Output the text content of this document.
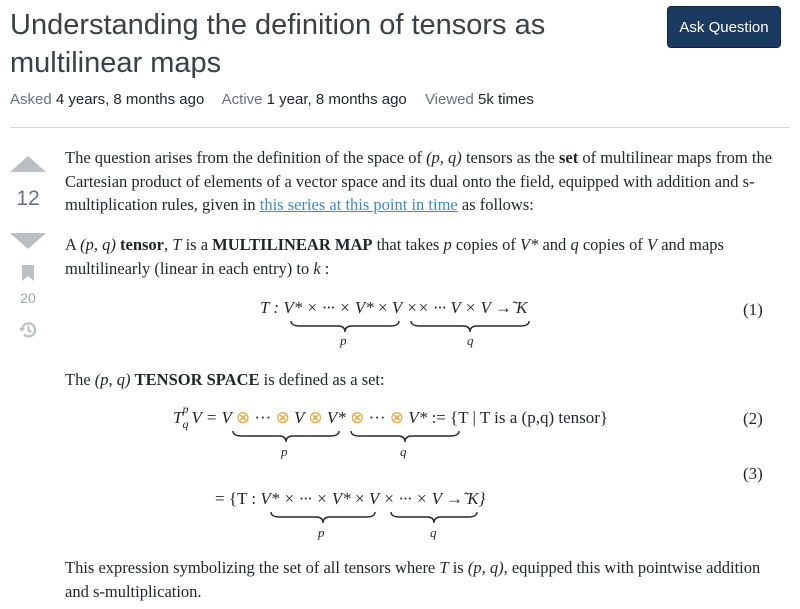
Understanding the definition of tensors as multilinear maps
Ask Question
Asked 4 years, 8 months ago Active 1 year, 8 months ago Viewed 5k times
12
20
The question arises from the definition of the space of (p, q) tensors as the set of multilinear maps from the Cartesian product of elements of a vector space and its dual onto the field, equipped with addition and s-multiplication rules, given in this series at this point in time as follows:
A (p, q) tensor, T is a MULTILINEAR MAP that takes p copies of V* and q copies of V and maps multilinearly (linear in each entry) to k :
T : V* × ··· × V* × V ×× ··· V × V →̃ K
p	q
(1)
The (p, q) TENSOR SPACE is defined as a set:
T p
q V = V ⊗ ··· ⊗ V ⊗ V* ⊗ ··· ⊗ V* := {T | T is a (p,q) tensor}
p	q
(2)
(3)
= {T : V* × ··· × V* × V × ··· × V →̃ K}
p	q
This expression symbolizing the set of all tensors where T is (p, q), equipped this with pointwise addition and s-multiplication.
